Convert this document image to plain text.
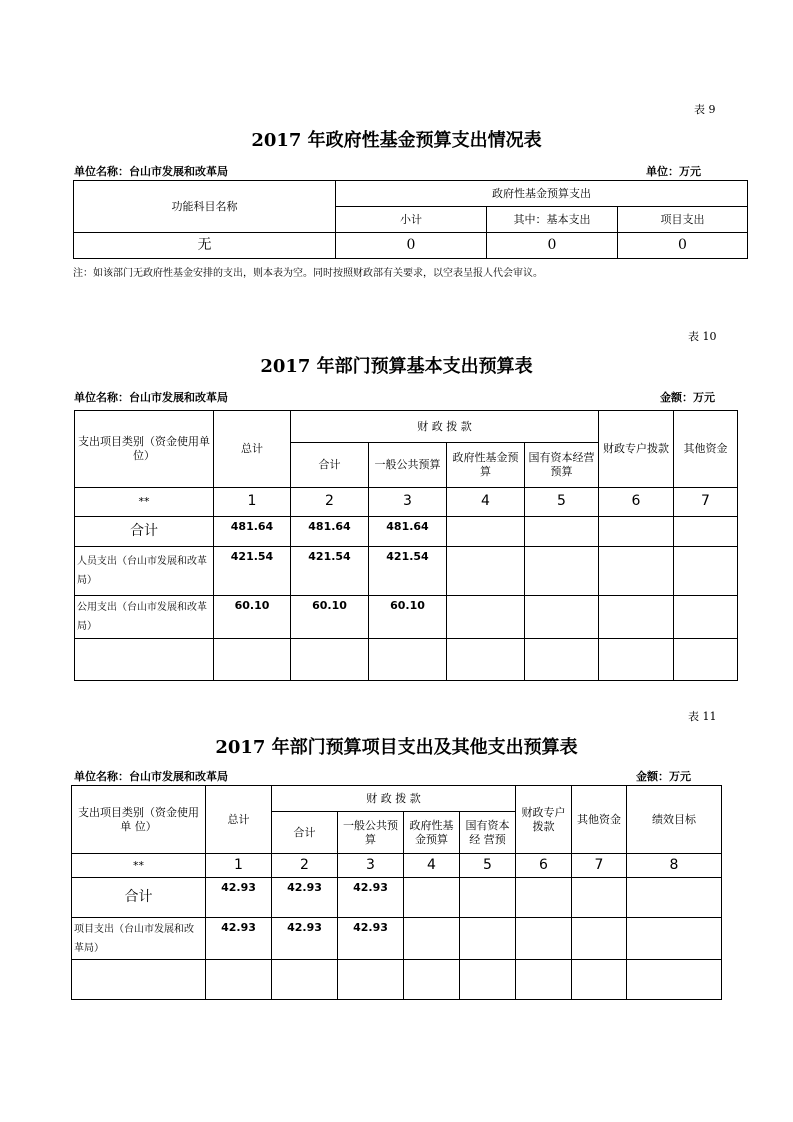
表 9
2017 年政府性基金预算支出情况表
单位名称：台山市发展和改革局	单位：万元
功能科目名称	政府性基金预算支出		
	小计	其中：基本支出	项目支出
无	0	0	0
注：如该部门无政府性基金安排的支出，则本表为空。同时按照财政部有关要求，以空表呈报人代会审议。
表 10
2017 年部门预算基本支出预算表
单位名称：台山市发展和改革局	金额：万元
支出项目类别（资金使用单位）	总计	财 政 拨 款				财政专户拨款	其他资金
		合计	一般公共预算	政府性基金预算	国有资本经营预算		
**	1	2	3	4	5	6	7
合计	481.64	481.64	481.64				
人员支出（台山市发展和改革局）	421.54	421.54	421.54				
公用支出（台山市发展和改革局）	60.10	60.10	60.10				

表 11
2017 年部门预算项目支出及其他支出预算表
单位名称：台山市发展和改革局	金额：万元
支出项目类别（资金使用 单 位）	总计	财 政 拨 款				财政专户拨款	其他资金	绩效目标
		合计	一般公共预算	政府性基金预算	国有资本经 营预			
**	1	2	3	4	5	6	7	8
合计	42.93	42.93	42.93					
项目支出（台山市发展和改革局）	42.93	42.93	42.93					
